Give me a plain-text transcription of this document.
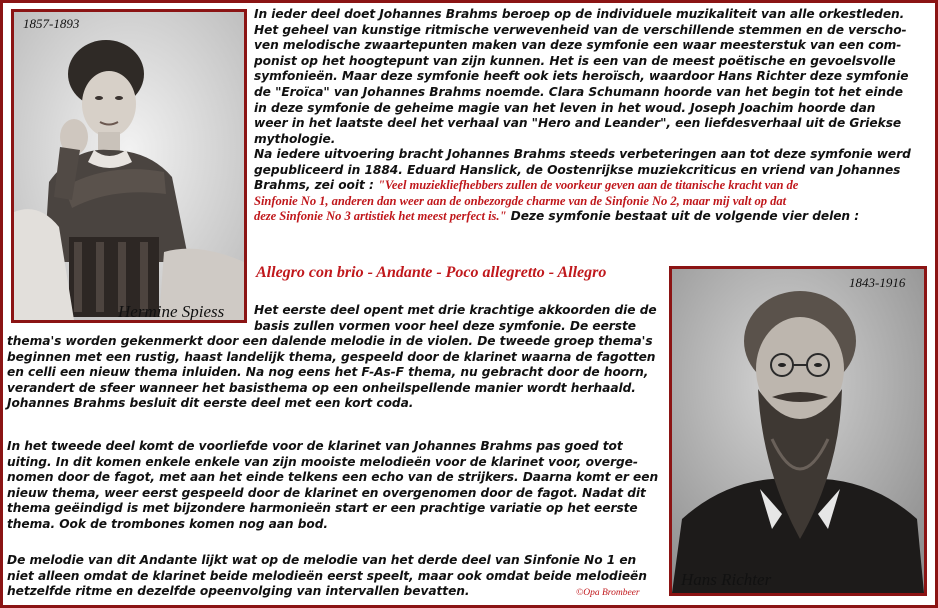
1857-1893
Hermine Spiess
1843-1916
Hans Richter
In ieder deel doet Johannes Brahms beroep op de individuele muzikaliteit van alle orkestleden.
Het geheel van kunstige ritmische verwevenheid van de verschillende stemmen en de verscho-
ven melodische zwaartepunten maken van deze symfonie een waar meesterstuk van een com-
ponist op het hoogtepunt van zijn kunnen. Het is een van de meest poëtische en gevoelsvolle
symfonieën. Maar deze symfonie heeft ook iets heroïsch, waardoor Hans Richter deze symfonie
de "Eroïca" van Johannes Brahms noemde. Clara Schumann hoorde van het begin tot het einde
in deze symfonie de geheime magie van het leven in het woud. Joseph Joachim hoorde dan
weer in het laatste deel het verhaal van "Hero and Leander", een liefdesverhaal uit de Griekse
mythologie.
Na iedere uitvoering bracht Johannes Brahms steeds verbeteringen aan tot deze symfonie werd
gepubliceerd in 1884. Eduard Hanslick, de Oostenrijkse muziekcriticus en vriend van Johannes
Brahms, zei ooit : "Veel muziekliefhebbers zullen de voorkeur geven aan de titanische kracht van de
Sinfonie No 1, anderen dan weer aan de onbezorgde charme van de Sinfonie No 2, maar mij valt op dat
deze Sinfonie No 3 artistiek het meest perfect is." Deze symfonie bestaat uit de volgende vier delen :
Allegro con brio - Andante - Poco allegretto - Allegro
Het eerste deel opent met drie krachtige akkoorden die de
basis zullen vormen voor heel deze symfonie. De eerste
thema's worden gekenmerkt door een dalende melodie in de violen. De tweede groep thema's
beginnen met een rustig, haast landelijk thema, gespeeld door de klarinet waarna de fagotten
en celli een nieuw thema inluiden. Na nog eens het F-As-F thema, nu gebracht door de hoorn,
verandert de sfeer wanneer het basisthema op een onheilspellende manier wordt herhaald.
Johannes Brahms besluit dit eerste deel met een kort coda.
In het tweede deel komt de voorliefde voor de klarinet van Johannes Brahms pas goed tot
uiting. In dit komen enkele enkele van zijn mooiste melodieën voor de klarinet voor, overge-
nomen door de fagot, met aan het einde telkens een echo van de strijkers. Daarna komt er een
nieuw thema, weer eerst gespeeld door de klarinet en overgenomen door de fagot. Nadat dit
thema geëindigd is met bijzondere harmonieën start er een prachtige variatie op het eerste
thema. Ook de trombones komen nog aan bod.
De melodie van dit Andante lijkt wat op de melodie van het derde deel van Sinfonie No 1 en
niet alleen omdat de klarinet beide melodieën eerst speelt, maar ook omdat beide melodieën
hetzelfde ritme en dezelfde opeenvolging van intervallen bevatten.	©Opa Brombeer
